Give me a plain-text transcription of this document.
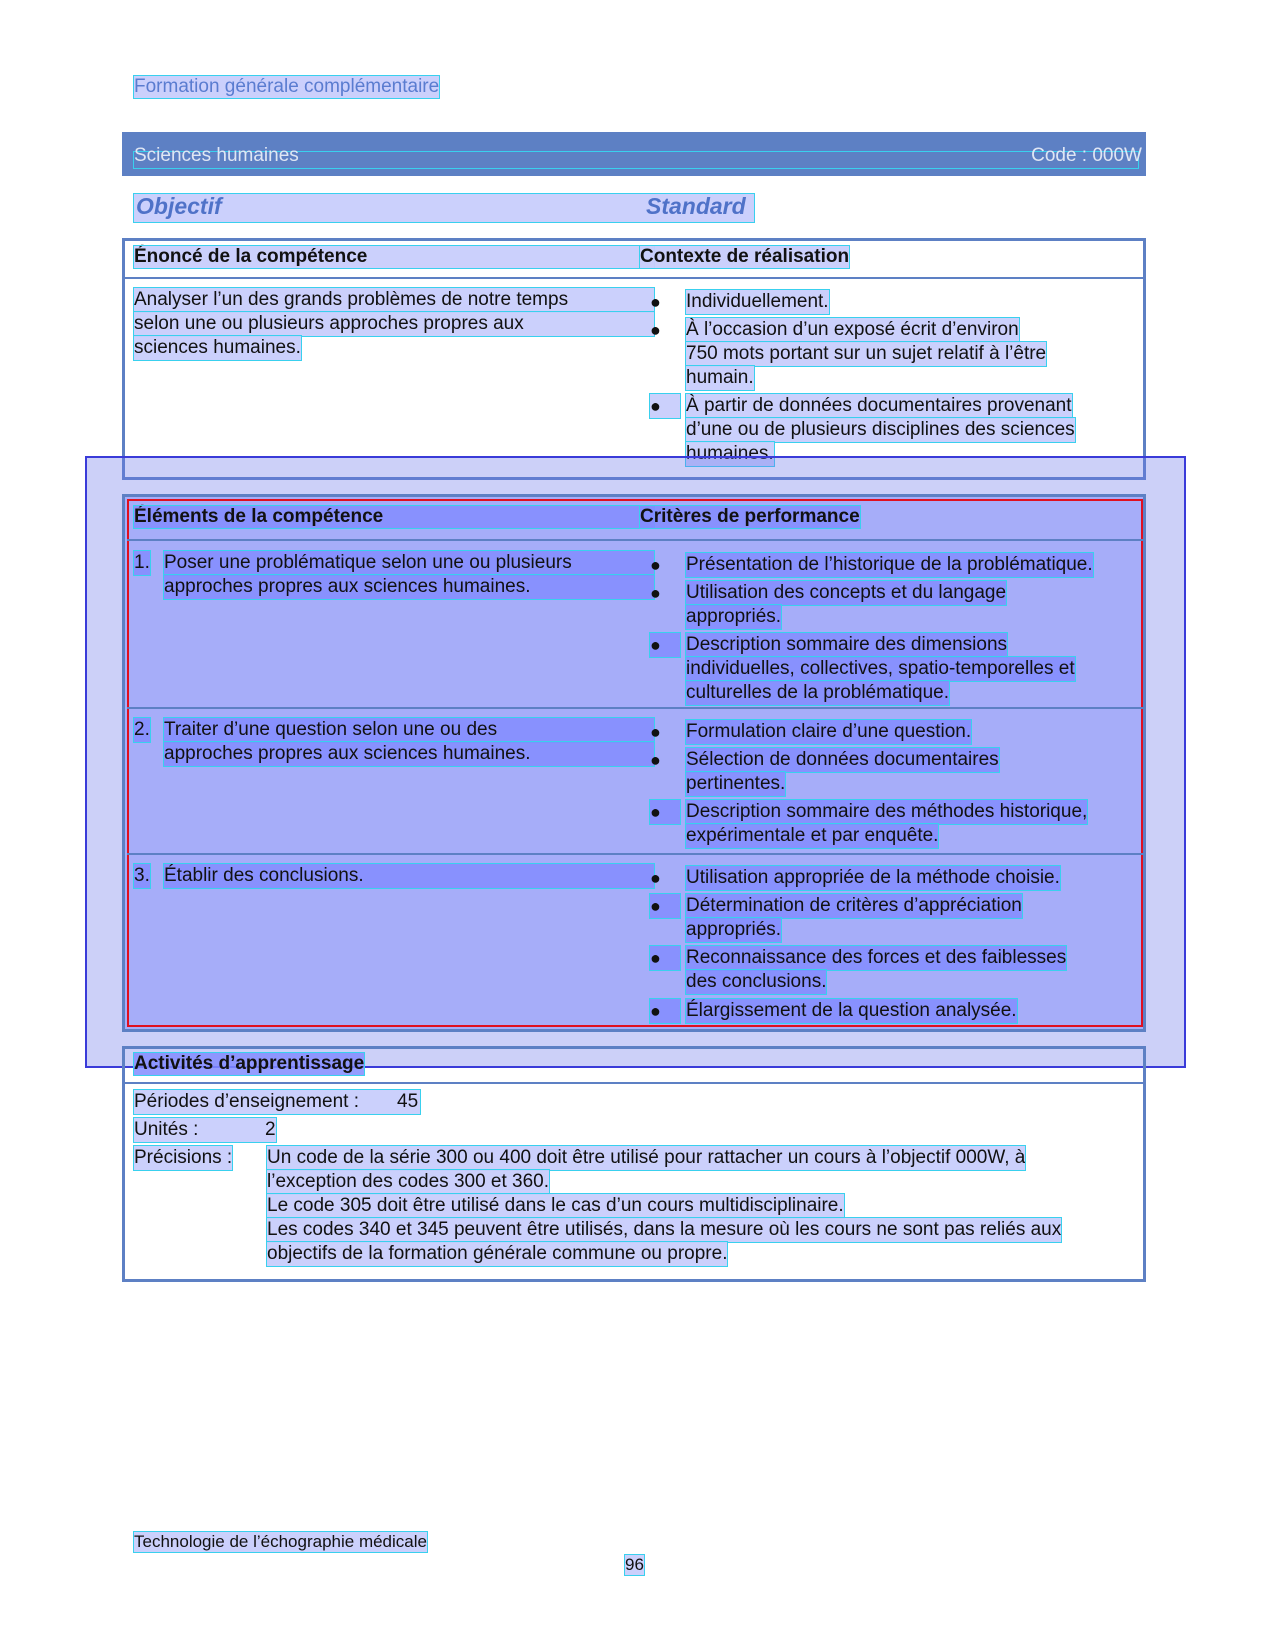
Formation générale complémentaire
Sciences humaines	Code : 000W
Objectif	Standard
Énoncé de la compétence	Contexte de réalisation
Analyser l’un des grands problèmes de notre temps
selon une ou plusieurs approches propres aux
sciences humaines.
● Individuellement.
● À l’occasion d’un exposé écrit d’environ
750 mots portant sur un sujet relatif à l’être
humain.
●	À partir de données documentaires provenant
d’une ou de plusieurs disciplines des sciences
humaines.
Éléments de la compétence	Critères de performance
1. Poser une problématique selon une ou plusieurs
approches propres aux sciences humaines.
● Présentation de l’historique de la problématique.
● Utilisation des concepts et du langage
appropriés.
●	Description sommaire des dimensions
individuelles, collectives, spatio-temporelles et
culturelles de la problématique.
2. Traiter d’une question selon une ou des
approches propres aux sciences humaines.
● Formulation claire d’une question.
● Sélection de données documentaires
pertinentes.
●	Description sommaire des méthodes historique,
expérimentale et par enquête.
3. Établir des conclusions.	● Utilisation appropriée de la méthode choisie.
●	Détermination de critères d’appréciation
appropriés.
●	Reconnaissance des forces et des faiblesses
des conclusions.
●	Élargissement de la question analysée.
Activités d’apprentissage
Périodes d’enseignement :	45
Unités :	2
Précisions : Un code de la série 300 ou 400 doit être utilisé pour rattacher un cours à l’objectif 000W, à
l’exception des codes 300 et 360.
Le code 305 doit être utilisé dans le cas d’un cours multidisciplinaire.
Les codes 340 et 345 peuvent être utilisés, dans la mesure où les cours ne sont pas reliés aux
objectifs de la formation générale commune ou propre.
Technologie de l’échographie médicale
96
